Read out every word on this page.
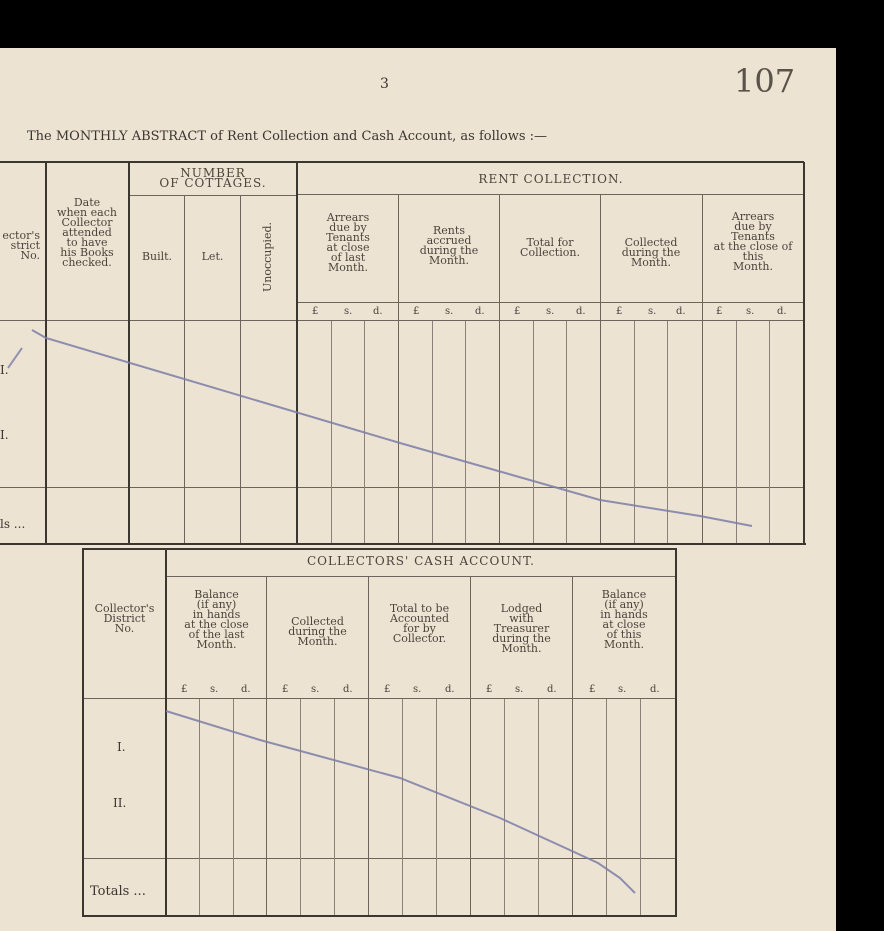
3	107
The MONTHLY ABSTRACT of Rent Collection and Cash Account, as follows :—
ector's
strict
No.
Date
when each
Collector
attended
to have
his Books
checked.
NUMBER
OF COTTAGES.
Built.	Let.	Unoccupied.
RENT COLLECTION.
Arrears
due by
Tenants
at close
of last
Month.
Rents
accrued
during the
Month.
Total for
Collection.
Collected
during the
Month.
Arrears
due by
Tenants
at the close of
this
Month.
£	s. d.	£	s. d.	£	s. d.	£	s. d.	£ s. d.
I.
I.
ls ...
COLLECTORS' CASH ACCOUNT.
Collector's
District
No.
Balance
(if any)
in hands
at the close
of the last
Month.
Collected
during the
Month.
Total to be
Accounted
for by
Collector.
Lodged
with
Treasurer
during the
Month.
Balance
(if any)
in hands
at close
of this
Month.
£ s. d.	£ s. d.	£ s. d.	£ s. d.	£ s. d.
I.
II.
Totals ...
